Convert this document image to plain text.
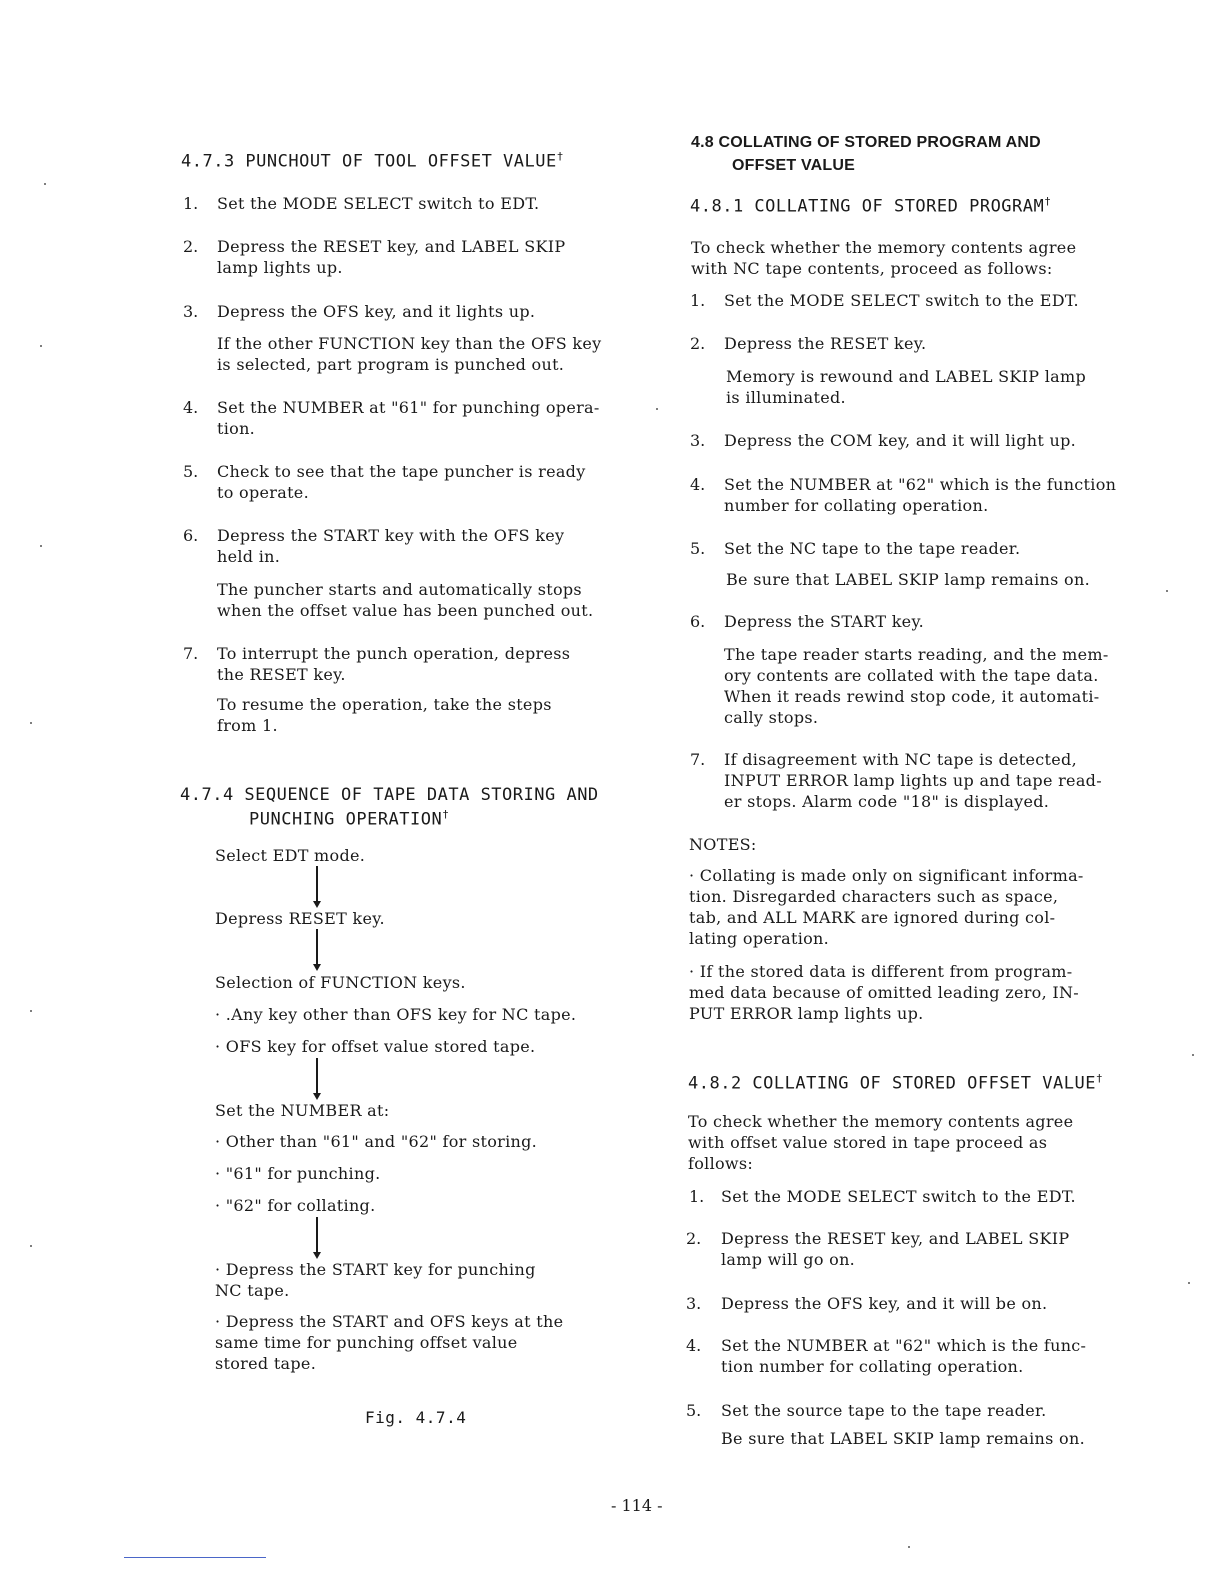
4.7.3 PUNCHOUT OF TOOL OFFSET VALUE†
1. Set the MODE SELECT switch to EDT.
2. Depress the RESET key, and LABEL SKIP
lamp lights up.
3. Depress the OFS key, and it lights up.
If the other FUNCTION key than the OFS key
is selected, part program is punched out.
4. Set the NUMBER at "61" for punching opera-
tion.
5. Check to see that the tape puncher is ready
to operate.
6. Depress the START key with the OFS key
held in.
The puncher starts and automatically stops
when the offset value has been punched out.
7. To interrupt the punch operation, depress
the RESET key.
To resume the operation, take the steps
from 1.
4.7.4 SEQUENCE OF TAPE DATA STORING AND
PUNCHING OPERATION†
Select EDT mode.
Depress RESET key.
Selection of FUNCTION keys.
· .Any key other than OFS key for NC tape.
· OFS key for offset value stored tape.
Set the NUMBER at:
· Other than "61" and "62" for storing.
· "61" for punching.
· "62" for collating.
· Depress the START key for punching
NC tape.
· Depress the START and OFS keys at the
same time for punching offset value
stored tape.
Fig. 4.7.4
4.8 COLLATING OF STORED PROGRAM AND
OFFSET VALUE
4.8.1 COLLATING OF STORED PROGRAM†
To check whether the memory contents agree
with NC tape contents, proceed as follows:
1. Set the MODE SELECT switch to the EDT.
2. Depress the RESET key.
Memory is rewound and LABEL SKIP lamp
is illuminated.
3. Depress the COM key, and it will light up.
4. Set the NUMBER at "62" which is the function
number for collating operation.
5. Set the NC tape to the tape reader.
Be sure that LABEL SKIP lamp remains on.
6. Depress the START key.
The tape reader starts reading, and the mem-
ory contents are collated with the tape data.
When it reads rewind stop code, it automati-
cally stops.
7. If disagreement with NC tape is detected,
INPUT ERROR lamp lights up and tape read-
er stops. Alarm code "18" is displayed.
NOTES:
· Collating is made only on significant informa-
tion. Disregarded characters such as space,
tab, and ALL MARK are ignored during col-
lating operation.
· If the stored data is different from program-
med data because of omitted leading zero, IN-
PUT ERROR lamp lights up.
4.8.2 COLLATING OF STORED OFFSET VALUE†
To check whether the memory contents agree
with offset value stored in tape proceed as
follows:
1. Set the MODE SELECT switch to the EDT.
2. Depress the RESET key, and LABEL SKIP
lamp will go on.
3. Depress the OFS key, and it will be on.
4. Set the NUMBER at "62" which is the func-
tion number for collating operation.
5. Set the source tape to the tape reader.
Be sure that LABEL SKIP lamp remains on.
- 114 -
